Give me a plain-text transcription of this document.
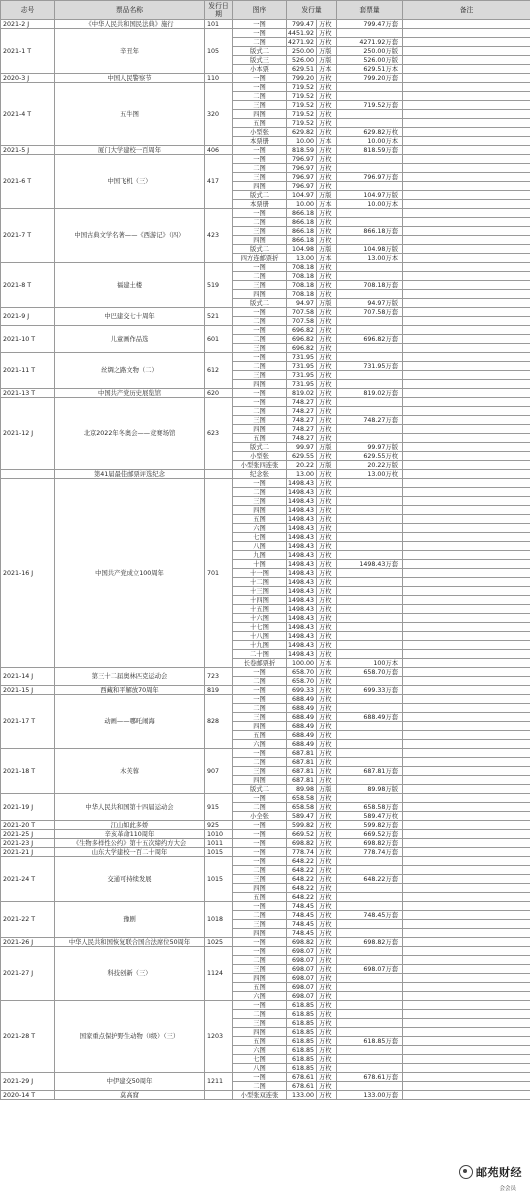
志号	票品名称	发行日期	图序	发行量		套票量	备注
2021-2 J	《中华人民共和国民法典》施行	101	一图	799.47	万枚	799.47万套	
2021-1 T	辛丑年	105	一图	4451.92	万枚		
			二图	4271.92	万枚	4271.92万套	
			版式二	250.00	万版	250.00万版	
			版式三	526.00	万版	526.00万版	
			小本票	629.51	万本	629.51万本	
2020-3 J	中国人民警察节	110	一图	799.20	万枚	799.20万套	
2021-4 T	五牛图	320	一图	719.52	万枚		
			二图	719.52	万枚		
			三图	719.52	万枚	719.52万套	
			四图	719.52	万枚		
			五图	719.52	万枚		
			小型张	629.82	万枚	629.82万枚	
			本票册	10.00	万本	10.00万本	
2021-5 J	厦门大学建校一百周年	406	一图	818.59	万枚	818.59万套	
2021-6 T	中国飞机（三）	417	一图	796.97	万枚		
			二图	796.97	万枚		
			三图	796.97	万枚	796.97万套	
			四图	796.97	万枚		
			版式二	104.97	万版	104.97万版	
			本票册	10.00	万本	10.00万本	
2021-7 T	中国古典文学名著——《西游记》（四）	423	一图	866.18	万枚		
			二图	866.18	万枚		
			三图	866.18	万枚	866.18万套	
			四图	866.18	万枚		
			版式二	104.98	万版	104.98万版	
			四方连邮票折	13.00	万本	13.00万本	
2021-8 T	福建土楼	519	一图	708.18	万枚		
			二图	708.18	万枚		
			三图	708.18	万枚	708.18万套	
			四图	708.18	万枚		
			版式二	94.97	万版	94.97万版	
2021-9 J	中巴建交七十周年	521	一图	707.58	万枚	707.58万套	
			二图	707.58	万枚		
2021-10 T	儿童画作品选	601	一图	696.82	万枚		
			二图	696.82	万枚	696.82万套	
			三图	696.82	万枚		
2021-11 T	丝绸之路文物（二）	612	一图	731.95	万枚		
			二图	731.95	万枚	731.95万套	
			三图	731.95	万枚		
			四图	731.95	万枚		
2021-13 T	中国共产党历史展览馆	620	一图	819.02	万枚	819.02万套	
2021-12 J	北京2022年冬奥会——竞赛场馆	623	一图	748.27	万枚		
			二图	748.27	万枚		
			三图	748.27	万枚	748.27万套	
			四图	748.27	万枚		
			五图	748.27	万枚		
			版式二	99.97	万版	99.97万版	
			小型张	629.55	万枚	629.55万枚	
			小型张四连张	20.22	万版	20.22万版	
	第41届最佳邮票评选纪念		纪念张	13.00	万枚	13.00万枚	
2021-16 J	中国共产党成立100周年	701	一图	1498.43	万枚		
			二图	1498.43	万枚		
			三图	1498.43	万枚		
			四图	1498.43	万枚		
			五图	1498.43	万枚		
			六图	1498.43	万枚		
			七图	1498.43	万枚		
			八图	1498.43	万枚		
			九图	1498.43	万枚		
			十图	1498.43	万枚	1498.43万套	
			十一图	1498.43	万枚		
			十二图	1498.43	万枚		
			十三图	1498.43	万枚		
			十四图	1498.43	万枚		
			十五图	1498.43	万枚		
			十六图	1498.43	万枚		
			十七图	1498.43	万枚		
			十八图	1498.43	万枚		
			十九图	1498.43	万枚		
			二十图	1498.43	万枚		
			长卷邮票折	100.00	万本	100万本	
2021-14 J	第三十二届奥林匹克运动会	723	一图	658.70	万枚	658.70万套	
			二图	658.70	万枚		
2021-15 J	西藏和平解放70周年	819	一图	699.33	万枚	699.33万套	
2021-17 T	动画——哪吒闹海	828	一图	688.49	万枚		
			二图	688.49	万枚		
			三图	688.49	万枚	688.49万套	
			四图	688.49	万枚		
			五图	688.49	万枚		
			六图	688.49	万枚		
2021-18 T	木芙蓉	907	一图	687.81	万枚		
			二图	687.81	万枚		
			三图	687.81	万枚	687.81万套	
			四图	687.81	万枚		
			版式二	89.98	万版	89.98万版	
2021-19 J	中华人民共和国第十四届运动会	915	一图	658.58	万枚		
			二图	658.58	万枚	658.58万套	
			小全张	589.47	万枚	589.47万枚	
2021-20 T	江山如此多娇	925	一图	599.82	万枚	599.82万套	
2021-25 J	辛亥革命110周年	1010	一图	669.52	万枚	669.52万套	
2021-23 J	《生物多样性公约》第十五次缔约方大会	1011	一图	698.82	万枚	698.82万套	
2021-21 J	山东大学建校一百二十周年	1015	一图	778.74	万枚	778.74万套	
2021-24 T	交通可持续发展	1015	一图	648.22	万枚		
			二图	648.22	万枚		
			三图	648.22	万枚	648.22万套	
			四图	648.22	万枚		
			五图	648.22	万枚		
2021-22 T	豫剧	1018	一图	748.45	万枚		
			二图	748.45	万枚	748.45万套	
			三图	748.45	万枚		
			四图	748.45	万枚		
2021-26 J	中华人民共和国恢复联合国合法席位50周年	1025	一图	698.82	万枚	698.82万套	
2021-27 J	科技创新（三）	1124	一图	698.07	万枚		
			二图	698.07	万枚		
			三图	698.07	万枚	698.07万套	
			四图	698.07	万枚		
			五图	698.07	万枚		
			六图	698.07	万枚		
2021-28 T	国家重点保护野生动物（I级）（三）	1203	一图	618.85	万枚		
			二图	618.85	万枚		
			三图	618.85	万枚		
			四图	618.85	万枚		
			五图	618.85	万枚	618.85万套	
			六图	618.85	万枚		
			七图	618.85	万枚		
			八图	618.85	万枚		
2021-29 J	中伊建交50周年	1211	一图	678.61	万枚	678.61万套	
			二图	678.61	万枚		
2020-14 T	莫高窟		小型张双连张	133.00	万枚	133.00万套	
邮苑财经
会会员
